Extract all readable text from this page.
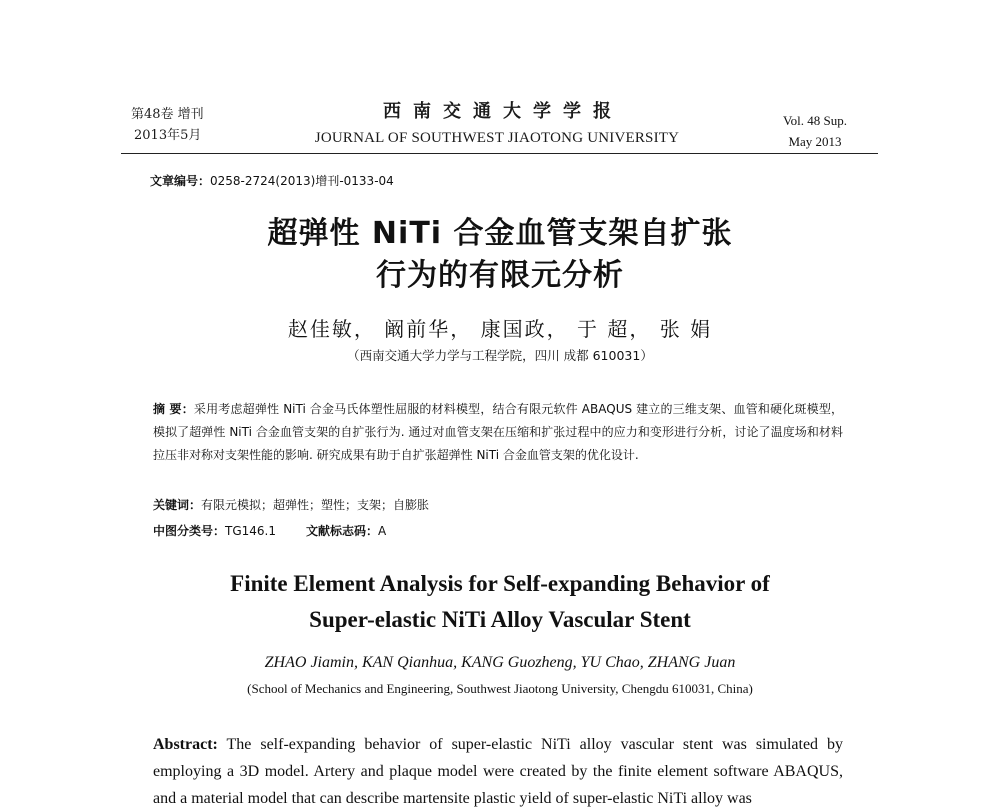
第48卷 增刊
2013年5月
西南交通大学学报
JOURNAL OF SOUTHWEST JIAOTONG UNIVERSITY
Vol. 48 Sup.
May 2013
文章编号：0258-2724(2013)增刊-0133-04
超弹性 NiTi 合金血管支架自扩张
行为的有限元分析
赵佳敏， 阚前华， 康国政， 于 超， 张 娟
（西南交通大学力学与工程学院，四川 成都 610031）
摘 要：采用考虑超弹性 NiTi 合金马氏体塑性屈服的材料模型，结合有限元软件 ABAQUS 建立的三维支架、血管和硬化斑模型，模拟了超弹性 NiTi 合金血管支架的自扩张行为. 通过对血管支架在压缩和扩张过程中的应力和变形进行分析，讨论了温度场和材料拉压非对称对支架性能的影响. 研究成果有助于自扩张超弹性 NiTi 合金血管支架的优化设计.
关键词：有限元模拟；超弹性；塑性；支架；自膨胀
中图分类号：TG146.1	文献标志码：A
Finite Element Analysis for Self-expanding Behavior of
Super-elastic NiTi Alloy Vascular Stent
ZHAO Jiamin, KAN Qianhua, KANG Guozheng, YU Chao, ZHANG Juan
(School of Mechanics and Engineering, Southwest Jiaotong University, Chengdu 610031, China)
Abstract: The self-expanding behavior of super-elastic NiTi alloy vascular stent was simulated by employing a 3D model. Artery and plaque model were created by the finite element software ABAQUS, and a material model that can describe martensite plastic yield of super-elastic NiTi alloy was
